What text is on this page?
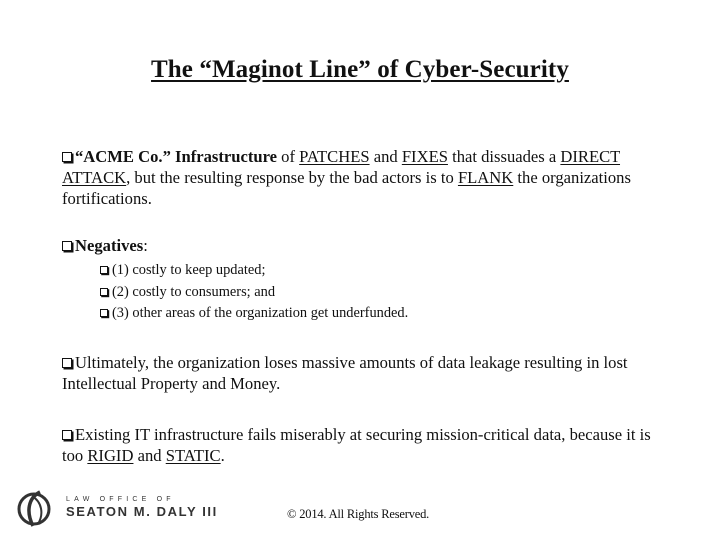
The “Maginot Line” of Cyber-Security
“ACME Co.” Infrastructure of PATCHES and FIXES that dissuades a DIRECT ATTACK, but the resulting response by the bad actors is to FLANK the organizations fortifications.
Negatives:
(1) costly to keep updated;
(2) costly to consumers; and
(3) other areas of the organization get underfunded.
Ultimately, the organization loses massive amounts of data leakage resulting in lost Intellectual Property and Money.
Existing IT infrastructure fails miserably at securing mission-critical data, because it is too RIGID and STATIC.
LAW OFFICE OF
SEATON M. DALY III	© 2014. All Rights Reserved.
